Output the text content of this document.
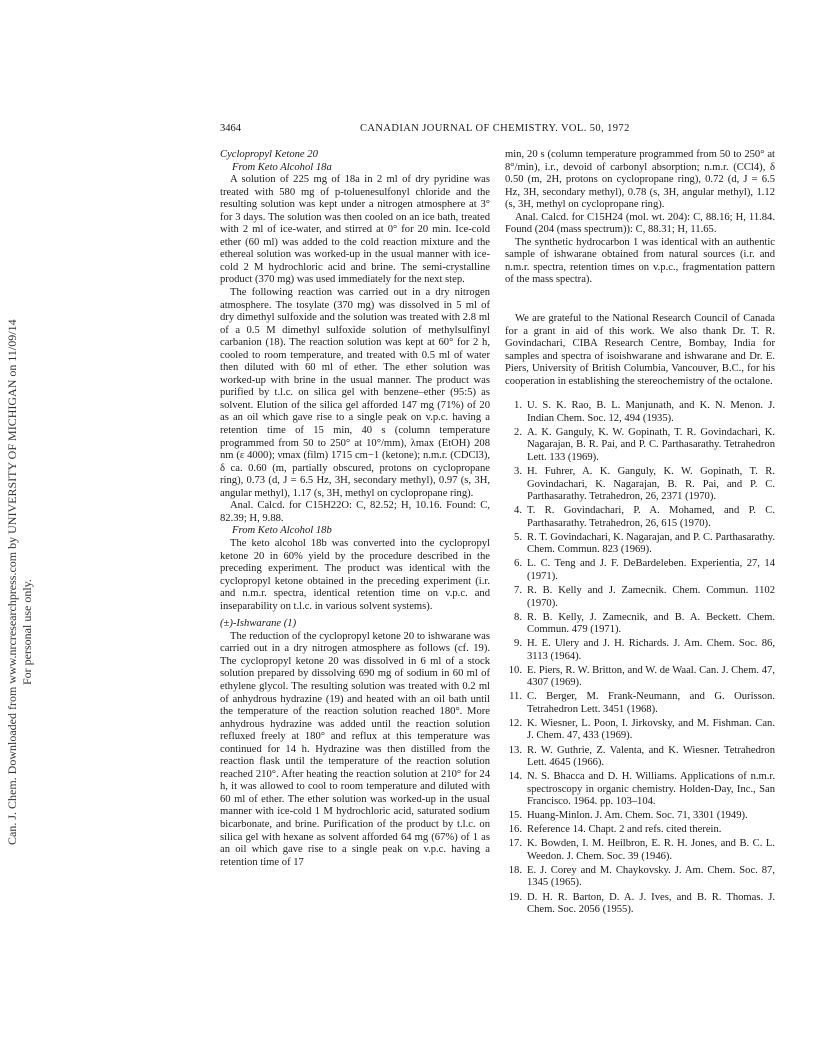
Can. J. Chem. Downloaded from www.nrcresearchpress.com by UNIVERSITY OF MICHIGAN on 11/09/14 For personal use only.
3464	CANADIAN JOURNAL OF CHEMISTRY. VOL. 50, 1972
Cyclopropyl Ketone 20
From Keto Alcohol 18a

A solution of 225 mg of 18a in 2 ml of dry pyridine was treated with 580 mg of p-toluenesulfonyl chloride and the resulting solution was kept under a nitrogen atmosphere at 3° for 3 days. The solution was then cooled on an ice bath, treated with 2 ml of ice-water, and stirred at 0° for 20 min. Ice-cold ether (60 ml) was added to the cold reaction mixture and the ethereal solution was worked-up in the usual manner with ice-cold 2 M hydrochloric acid and brine. The semi-crystalline product (370 mg) was used immediately for the next step.

The following reaction was carried out in a dry nitrogen atmosphere. The tosylate (370 mg) was dissolved in 5 ml of dry dimethyl sulfoxide and the solution was treated with 2.8 ml of a 0.5 M dimethyl sulfoxide solution of methylsulfinyl carbanion (18). The reaction solution was kept at 60° for 2 h, cooled to room temperature, and treated with 0.5 ml of water then diluted with 60 ml of ether. The ether solution was worked-up with brine in the usual manner. The product was purified by t.l.c. on silica gel with benzene–ether (95:5) as solvent. Elution of the silica gel afforded 147 mg (71%) of 20 as an oil which gave rise to a single peak on v.p.c. having a retention time of 15 min, 40 s (column temperature programmed from 50 to 250° at 10°/mm), λmax (EtOH) 208 nm (ε 4000); νmax (film) 1715 cm−1 (ketone); n.m.r. (CDCl3), δ ca. 0.60 (m, partially obscured, protons on cyclopropane ring), 0.73 (d, J = 6.5 Hz, 3H, secondary methyl), 0.97 (s, 3H, angular methyl), 1.17 (s, 3H, methyl on cyclopropane ring).

Anal. Calcd. for C15H22O: C, 82.52; H, 10.16. Found: C, 82.39; H, 9.88.

From Keto Alcohol 18b

The keto alcohol 18b was converted into the cyclopropyl ketone 20 in 60% yield by the procedure described in the preceding experiment. The product was identical with the cyclopropyl ketone obtained in the preceding experiment (i.r. and n.m.r. spectra, identical retention time on v.p.c. and inseparability on t.l.c. in various solvent systems).

(±)-Ishwarane (1)

The reduction of the cyclopropyl ketone 20 to ishwarane was carried out in a dry nitrogen atmosphere as follows (cf. 19). The cyclopropyl ketone 20 was dissolved in 6 ml of a stock solution prepared by dissolving 690 mg of sodium in 60 ml of ethylene glycol. The resulting solution was treated with 0.2 ml of anhydrous hydrazine (19) and heated with an oil bath until the temperature of the reaction solution reached 180°. More anhydrous hydrazine was added until the reaction solution refluxed freely at 180° and reflux at this temperature was continued for 14 h. Hydrazine was then distilled from the reaction flask until the temperature of the reaction solution reached 210°. After heating the reaction solution at 210° for 24 h, it was allowed to cool to room temperature and diluted with 60 ml of ether. The ether solution was worked-up in the usual manner with ice-cold 1 M hydrochloric acid, saturated sodium bicarbonate, and brine. Purification of the product by t.l.c. on silica gel with hexane as solvent afforded 64 mg (67%) of 1 as an oil which gave rise to a single peak on v.p.c. having a retention time of 17

min, 20 s (column temperature programmed from 50 to 250° at 8°/min), i.r., devoid of carbonyl absorption; n.m.r. (CCl4), δ 0.50 (m, 2H, protons on cyclopropane ring), 0.72 (d, J = 6.5 Hz, 3H, secondary methyl), 0.78 (s, 3H, angular methyl), 1.12 (s, 3H, methyl on cyclopropane ring).

Anal. Calcd. for C15H24 (mol. wt. 204): C, 88.16; H, 11.84. Found (204 (mass spectrum)): C, 88.31; H, 11.65.

The synthetic hydrocarbon 1 was identical with an authentic sample of ishwarane obtained from natural sources (i.r. and n.m.r. spectra, retention times on v.p.c., fragmentation pattern of the mass spectra).

We are grateful to the National Research Council of Canada for a grant in aid of this work. We also thank Dr. T. R. Govindachari, CIBA Research Centre, Bombay, India for samples and spectra of isoishwarane and ishwarane and Dr. E. Piers, University of British Columbia, Vancouver, B.C., for his cooperation in establishing the stereochemistry of the octalone.

1. U. S. K. Rao, B. L. Manjunath, and K. N. Menon. J. Indian Chem. Soc. 12, 494 (1935).
2. A. K. Ganguly, K. W. Gopinath, T. R. Govindachari, K. Nagarajan, B. R. Pai, and P. C. Parthasarathy. Tetrahedron Lett. 133 (1969).
3. H. Fuhrer, A. K. Ganguly, K. W. Gopinath, T. R. Govindachari, K. Nagarajan, B. R. Pai, and P. C. Parthasarathy. Tetrahedron, 26, 2371 (1970).
4. T. R. Govindachari, P. A. Mohamed, and P. C. Parthasarathy. Tetrahedron, 26, 615 (1970).
5. R. T. Govindachari, K. Nagarajan, and P. C. Parthasarathy. Chem. Commun. 823 (1969).
6. L. C. Teng and J. F. DeBardeleben. Experientia, 27, 14 (1971).
7. R. B. Kelly and J. Zamecnik. Chem. Commun. 1102 (1970).
8. R. B. Kelly, J. Zamecnik, and B. A. Beckett. Chem. Commun. 479 (1971).
9. H. E. Ulery and J. H. Richards. J. Am. Chem. Soc. 86, 3113 (1964).
10. E. Piers, R. W. Britton, and W. de Waal. Can. J. Chem. 47, 4307 (1969).
11. C. Berger, M. Frank-Neumann, and G. Ourisson. Tetrahedron Lett. 3451 (1968).
12. K. Wiesner, L. Poon, I. Jirkovsky, and M. Fishman. Can. J. Chem. 47, 433 (1969).
13. R. W. Guthrie, Z. Valenta, and K. Wiesner. Tetrahedron Lett. 4645 (1966).
14. N. S. Bhacca and D. H. Williams. Applications of n.m.r. spectroscopy in organic chemistry. Holden-Day, Inc., San Francisco. 1964. pp. 103–104.
15. Huang-Minlon. J. Am. Chem. Soc. 71, 3301 (1949).
16. Reference 14. Chapt. 2 and refs. cited therein.
17. K. Bowden, I. M. Heilbron, E. R. H. Jones, and B. C. L. Weedon. J. Chem. Soc. 39 (1946).
18. E. J. Corey and M. Chaykovsky. J. Am. Chem. Soc. 87, 1345 (1965).
19. D. H. R. Barton, D. A. J. Ives, and B. R. Thomas. J. Chem. Soc. 2056 (1955).
